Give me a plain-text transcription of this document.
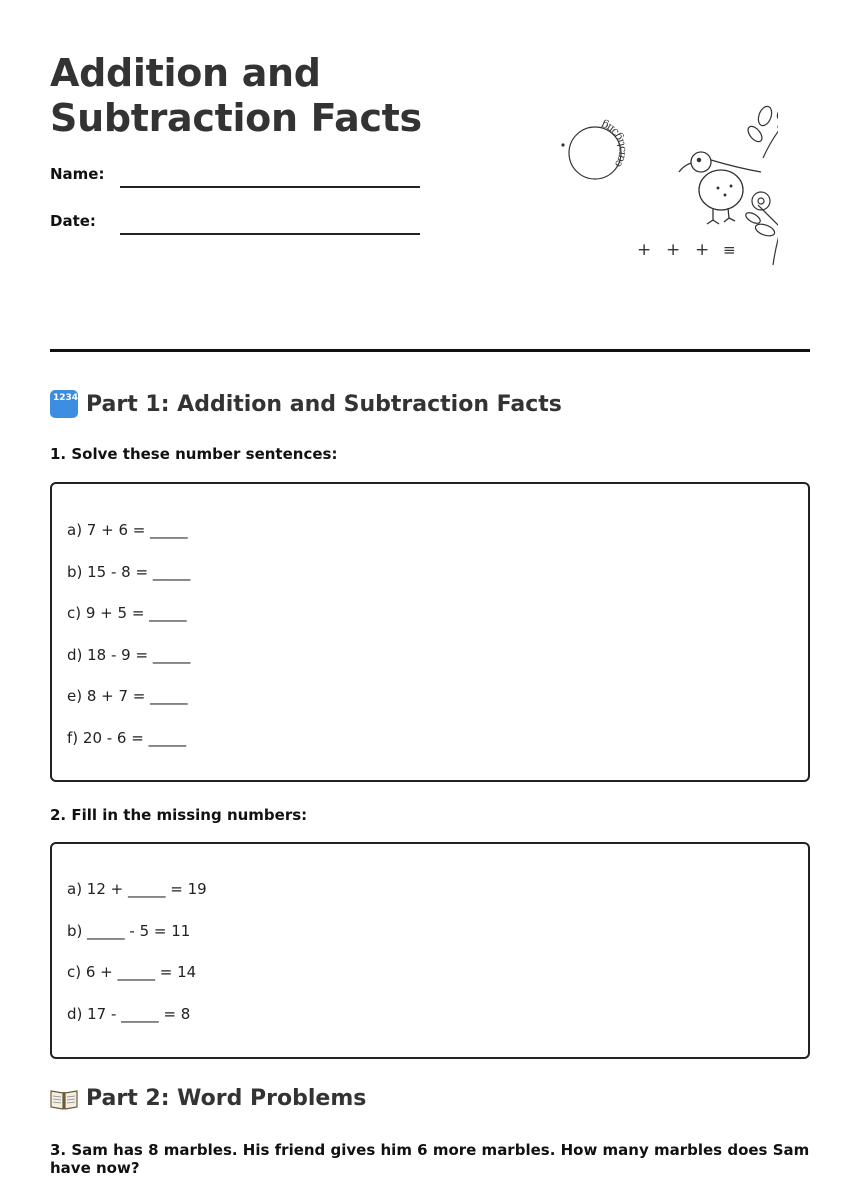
Addition and
Subtraction Facts
Name:
Date:
cɑɪɔtɪɡɔɪɪɡ
+ + + ≡
1234 Part 1: Addition and Subtraction Facts
1. Solve these number sentences:
a) 7 + 6 = _____
b) 15 - 8 = _____
c) 9 + 5 = _____
d) 18 - 9 = _____
e) 8 + 7 = _____
f) 20 - 6 = _____
2. Fill in the missing numbers:
a) 12 + _____ = 19
b) _____ - 5 = 11
c) 6 + _____ = 14
d) 17 - _____ = 8
Part 2: Word Problems
3. Sam has 8 marbles. His friend gives him 6 more marbles. How many marbles does Sam have now?
